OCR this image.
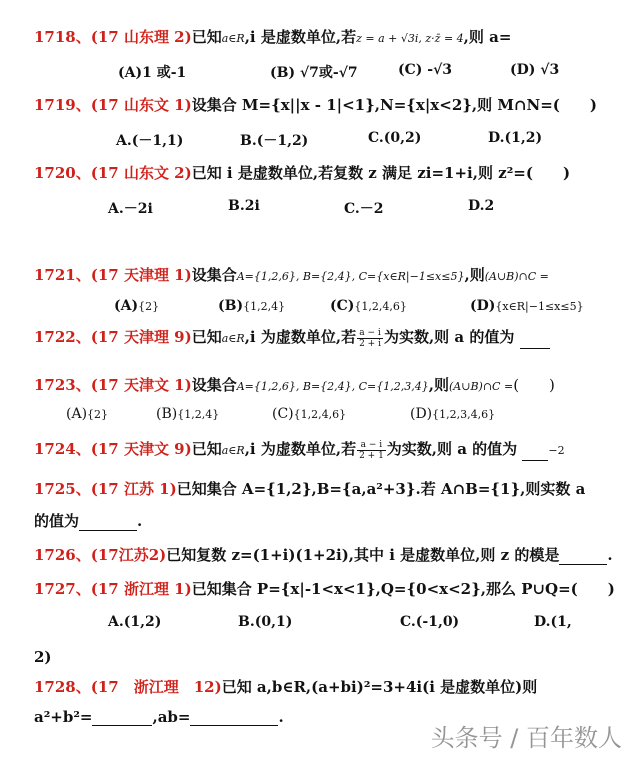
1718、(17 山东理 2)已知a∈R,i 是虚数单位,若z = a + √3i, z·z̄ = 4,则 a=
(A)1 或-1	(B) √7或-√7	(C) -√3	(D) √3
1719、(17 山东文 1)设集合 M={x||x - 1|<1},N={x|x<2},则 M∩N=(　　)
A.(－1,1)	B.(－1,2)	C.(0,2)	D.(1,2)
1720、(17 山东文 2)已知 i 是虚数单位,若复数 z 满足 zi=1+i,则 z²=(　　)
A.－2i	B.2i	C.－2	D.2
1721、(17 天津理 1)设集合A={1,2,6}, B={2,4}, C={x∈R|−1≤x≤5},则(A∪B)∩C =
(A){2}	(B){1,2,4}	(C){1,2,4,6}	(D){x∈R|−1≤x≤5}
1722、(17 天津理 9)已知a∈R,i 为虚数单位,若 $\frac{a - i}{2 + i}$ 为实数,则 a 的值为
1723、(17 天津文 1)设集合A={1,2,6}, B={2,4}, C={1,2,3,4},则(A∪B)∩C =(　　)
(A){2}	(B){1,2,4}	(C){1,2,4,6}	(D){1,2,3,4,6}
1724、(17 天津文 9)已知a∈R,i 为虚数单位,若 $\frac{a - i}{2 + 1}$ 为实数,则 a 的值为	−2
1725、(17 江苏 1)已知集合 A={1,2},B={a,a²+3}.若 A∩B={1},则实数 a
的值为	.
1726、(17江苏2)已知复数 z=(1+i)(1+2i),其中 i 是虚数单位,则 z 的模是	.
1727、(17 浙江理 1)已知集合 P={x|-1<x<1},Q={0<x<2},那么 P∪Q=(　　)
A.(1,2)	B.(0,1)	C.(-1,0)	D.(1,
2)
1728、(17　浙江理　12)已知 a,b∈R,(a+bi)²=3+4i(i 是虚数单位)则
a²+b²=	,ab=	.
头条号 / 百年数人
